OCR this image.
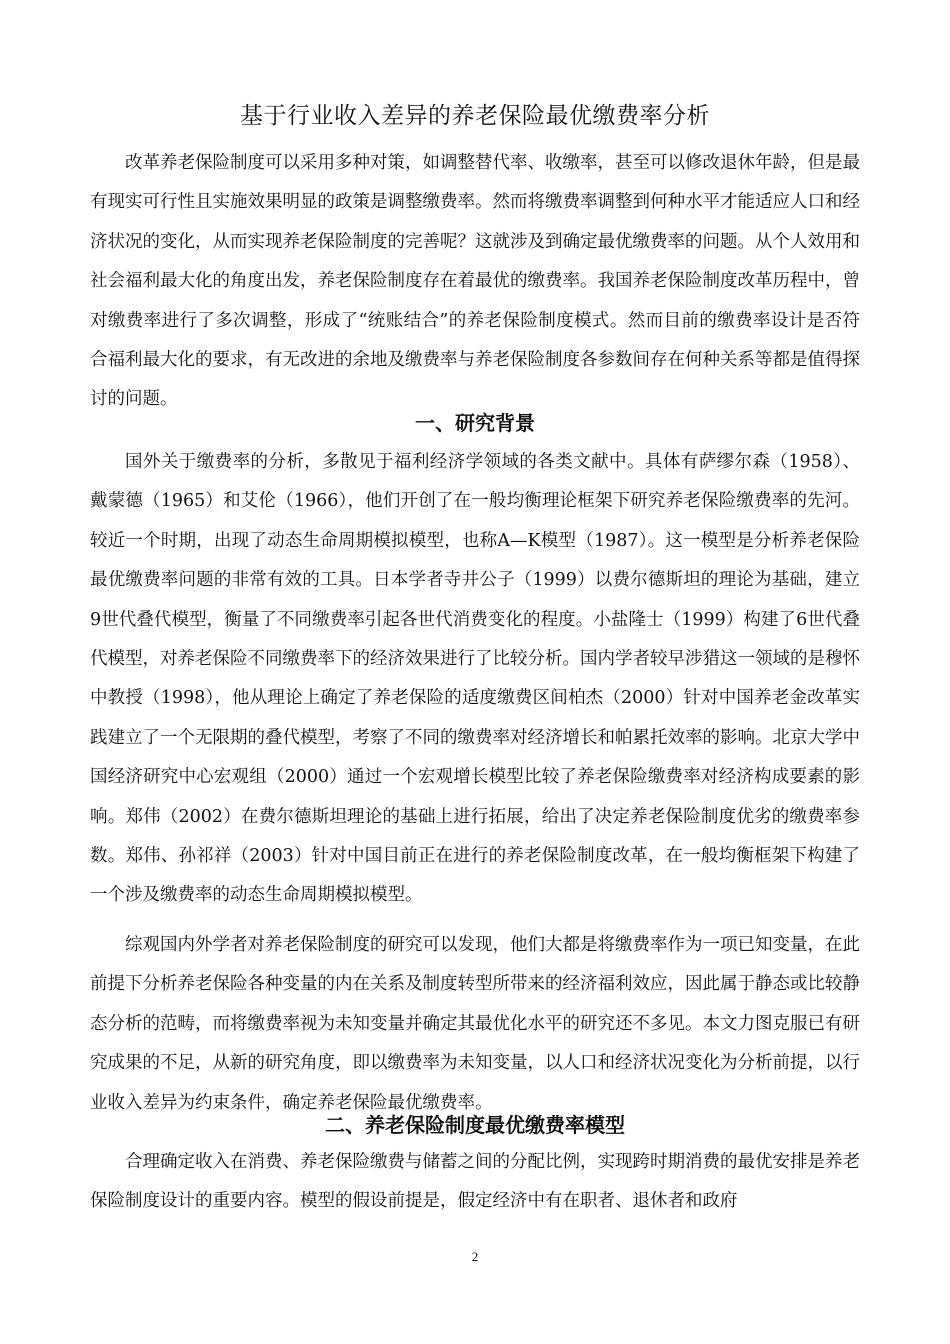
基于行业收入差异的养老保险最优缴费率分析

改革养老保险制度可以采用多种对策，如调整替代率、收缴率，甚至可以修改退休年龄，但是最有现实可行性且实施效果明显的政策是调整缴费率。然而将缴费率调整到何种水平才能适应人口和经济状况的变化，从而实现养老保险制度的完善呢？这就涉及到确定最优缴费率的问题。从个人效用和社会福利最大化的角度出发，养老保险制度存在着最优的缴费率。我国养老保险制度改革历程中，曾对缴费率进行了多次调整，形成了“统账结合”的养老保险制度模式。然而目前的缴费率设计是否符合福利最大化的要求，有无改进的余地及缴费率与养老保险制度各参数间存在何种关系等都是值得探讨的问题。

一、研究背景

国外关于缴费率的分析，多散见于福利经济学领域的各类文献中。具体有萨缪尔森（1958）、戴蒙德（1965）和艾伦（1966），他们开创了在一般均衡理论框架下研究养老保险缴费率的先河。较近一个时期，出现了动态生命周期模拟模型，也称A—K模型（1987）。这一模型是分析养老保险最优缴费率问题的非常有效的工具。日本学者寺井公子（1999）以费尔德斯坦的理论为基础，建立9世代叠代模型，衡量了不同缴费率引起各世代消费变化的程度。小盐隆士（1999）构建了6世代叠代模型，对养老保险不同缴费率下的经济效果进行了比较分析。国内学者较早涉猎这一领域的是穆怀中教授（1998），他从理论上确定了养老保险的适度缴费区间柏杰（2000）针对中国养老金改革实践建立了一个无限期的叠代模型，考察了不同的缴费率对经济增长和帕累托效率的影响。北京大学中国经济研究中心宏观组（2000）通过一个宏观增长模型比较了养老保险缴费率对经济构成要素的影响。郑伟（2002）在费尔德斯坦理论的基础上进行拓展，给出了决定养老保险制度优劣的缴费率参数。郑伟、孙祁祥（2003）针对中国目前正在进行的养老保险制度改革，在一般均衡框架下构建了一个涉及缴费率的动态生命周期模拟模型。

综观国内外学者对养老保险制度的研究可以发现，他们大都是将缴费率作为一项已知变量，在此前提下分析养老保险各种变量的内在关系及制度转型所带来的经济福利效应，因此属于静态或比较静态分析的范畴，而将缴费率视为未知变量并确定其最优化水平的研究还不多见。本文力图克服已有研究成果的不足，从新的研究角度，即以缴费率为未知变量，以人口和经济状况变化为分析前提，以行业收入差异为约束条件，确定养老保险最优缴费率。

二、养老保险制度最优缴费率模型

合理确定收入在消费、养老保险缴费与储蓄之间的分配比例，实现跨时期消费的最优安排是养老保险制度设计的重要内容。模型的假设前提是，假定经济中有在职者、退休者和政府

2
